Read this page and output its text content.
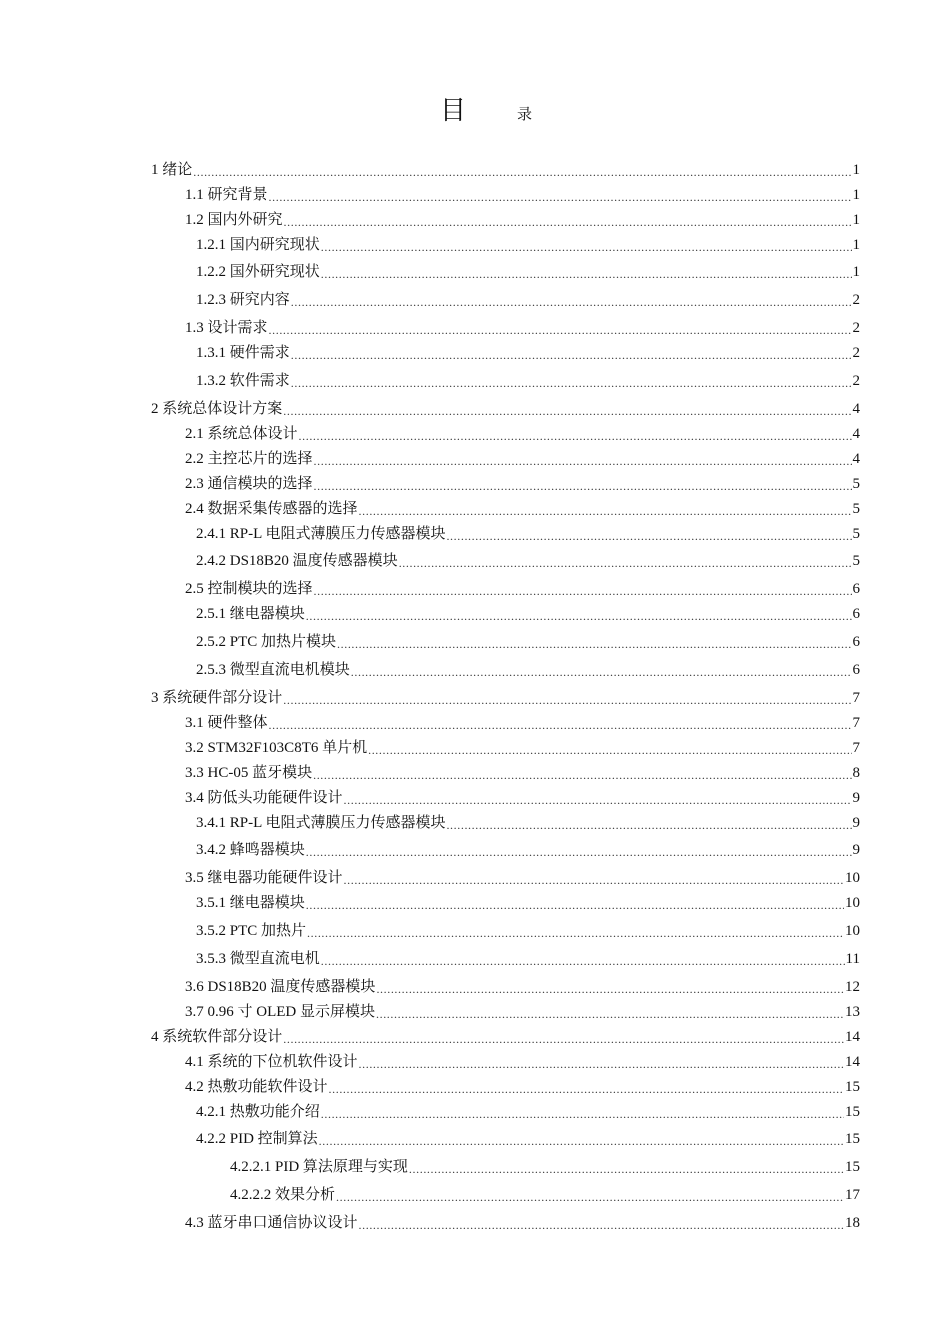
目	录
1 绪论 .....	1
1.1 研究背景 .....	1
1.2 国内外研究 .....	1
1.2.1 国内研究现状 .....	1
1.2.2 国外研究现状 .....	1
1.2.3 研究内容 .....	2
1.3 设计需求 .....	2
1.3.1 硬件需求 .....	2
1.3.2 软件需求 .....	2
2 系统总体设计方案 .....	4
2.1 系统总体设计 .....	4
2.2 主控芯片的选择 .....	4
2.3 通信模块的选择 .....	5
2.4 数据采集传感器的选择 .....	5
2.4.1 RP-L 电阻式薄膜压力传感器模块 .....	5
2.4.2 DS18B20 温度传感器模块 .....	5
2.5 控制模块的选择 .....	6
2.5.1 继电器模块 .....	6
2.5.2 PTC 加热片模块 .....	6
2.5.3 微型直流电机模块 .....	6
3 系统硬件部分设计 .....	7
3.1 硬件整体 .....	7
3.2 STM32F103C8T6 单片机 .....	7
3.3 HC-05 蓝牙模块 .....	8
3.4 防低头功能硬件设计 .....	9
3.4.1 RP-L 电阻式薄膜压力传感器模块 .....	9
3.4.2 蜂鸣器模块 .....	9
3.5 继电器功能硬件设计 .....	10
3.5.1 继电器模块 .....	10
3.5.2 PTC 加热片 .....	10
3.5.3 微型直流电机 .....	11
3.6 DS18B20 温度传感器模块 .....	12
3.7 0.96 寸 OLED 显示屏模块 .....	13
4 系统软件部分设计 .....	14
4.1 系统的下位机软件设计 .....	14
4.2 热敷功能软件设计 .....	15
4.2.1 热敷功能介绍 .....	15
4.2.2 PID 控制算法 .....	15
4.2.2.1 PID 算法原理与实现 .....	15
4.2.2.2 效果分析 .....	17
4.3 蓝牙串口通信协议设计 .....	18
